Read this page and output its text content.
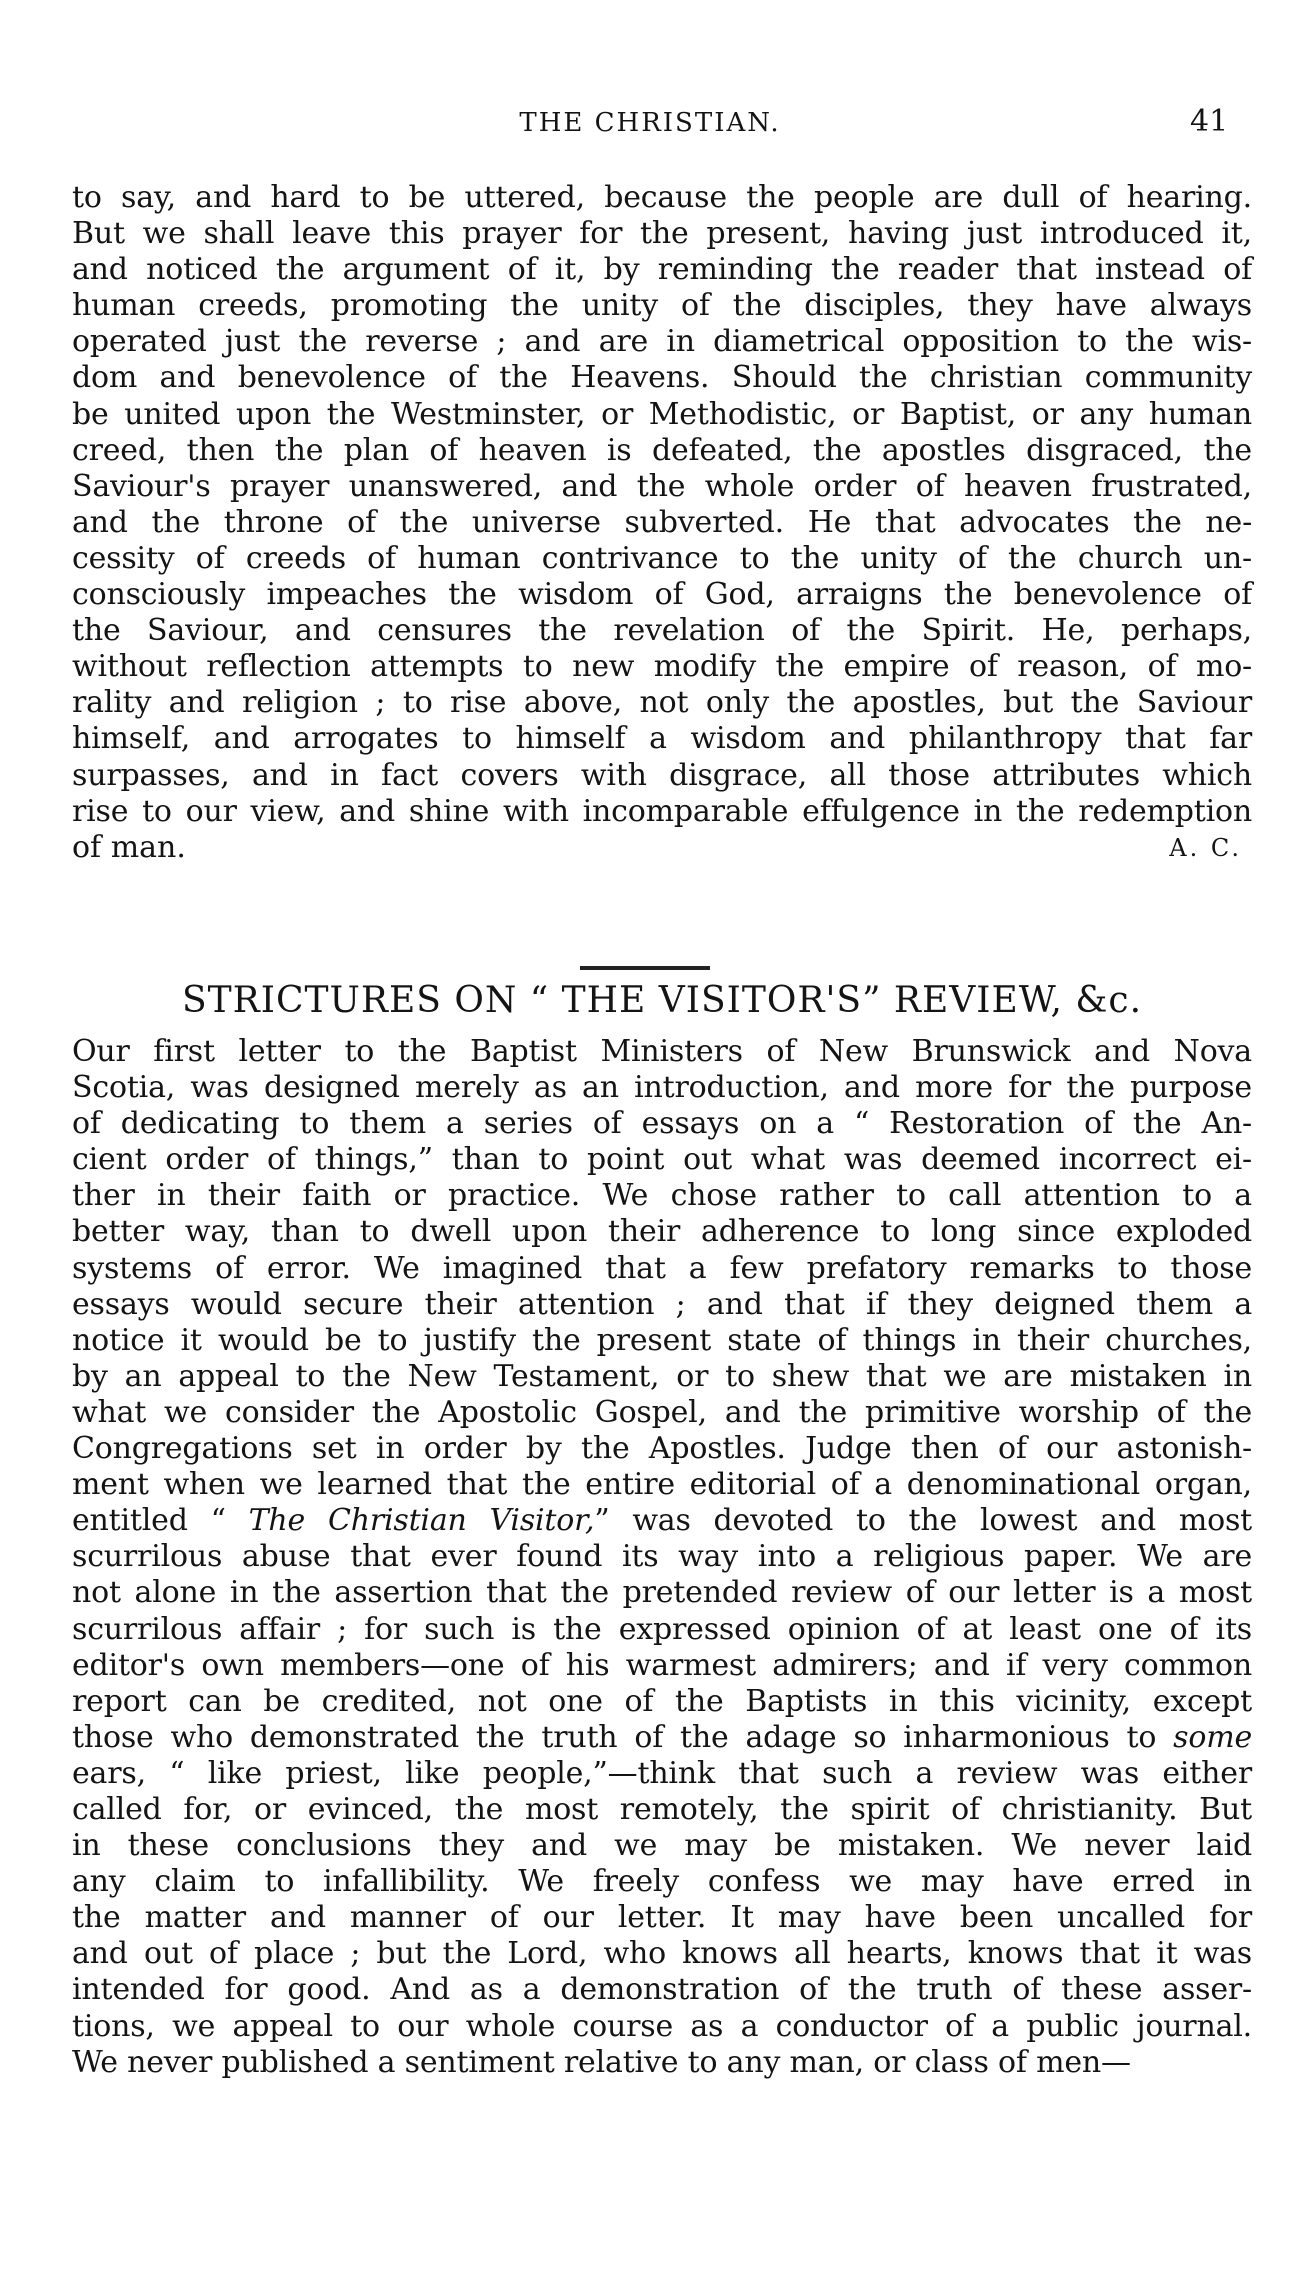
THE CHRISTIAN.	41
to say, and hard to be uttered, because the people are dull of hearing.
But we shall leave this prayer for the present, having just introduced it,
and noticed the argument of it, by reminding the reader that instead of
human creeds, promoting the unity of the disciples, they have always
operated just the reverse ; and are in diametrical opposition to the wis-
dom and benevolence of the Heavens. Should the christian community
be united upon the Westminster, or Methodistic, or Baptist, or any human
creed, then the plan of heaven is defeated, the apostles disgraced, the
Saviour's prayer unanswered, and the whole order of heaven frustrated,
and the throne of the universe subverted. He that advocates the ne-
cessity of creeds of human contrivance to the unity of the church un-
consciously impeaches the wisdom of God, arraigns the benevolence of
the Saviour, and censures the revelation of the Spirit. He, perhaps,
without reflection attempts to new modify the empire of reason, of mo-
rality and religion ; to rise above, not only the apostles, but the Saviour
himself, and arrogates to himself a wisdom and philanthropy that far
surpasses, and in fact covers with disgrace, all those attributes which
rise to our view, and shine with incomparable effulgence in the redemption
of man.	A. C.
STRICTURES ON “ THE VISITOR'S” REVIEW, &c.
Our first letter to the Baptist Ministers of New Brunswick and Nova
Scotia, was designed merely as an introduction, and more for the purpose
of dedicating to them a series of essays on a “ Restoration of the An-
cient order of things,” than to point out what was deemed incorrect ei-
ther in their faith or practice. We chose rather to call attention to a
better way, than to dwell upon their adherence to long since exploded
systems of error. We imagined that a few prefatory remarks to those
essays would secure their attention ; and that if they deigned them a
notice it would be to justify the present state of things in their churches,
by an appeal to the New Testament, or to shew that we are mistaken in
what we consider the Apostolic Gospel, and the primitive worship of the
Congregations set in order by the Apostles. Judge then of our astonish-
ment when we learned that the entire editorial of a denominational organ,
entitled “ The Christian Visitor,” was devoted to the lowest and most
scurrilous abuse that ever found its way into a religious paper. We are
not alone in the assertion that the pretended review of our letter is a most
scurrilous affair ; for such is the expressed opinion of at least one of its
editor's own members—one of his warmest admirers; and if very common
report can be credited, not one of the Baptists in this vicinity, except
those who demonstrated the truth of the adage so inharmonious to some
ears, “ like priest, like people,”—think that such a review was either
called for, or evinced, the most remotely, the spirit of christianity. But
in these conclusions they and we may be mistaken. We never laid
any claim to infallibility. We freely confess we may have erred in
the matter and manner of our letter. It may have been uncalled for
and out of place ; but the Lord, who knows all hearts, knows that it was
intended for good. And as a demonstration of the truth of these asser-
tions, we appeal to our whole course as a conductor of a public journal.
We never published a sentiment relative to any man, or class of men—
